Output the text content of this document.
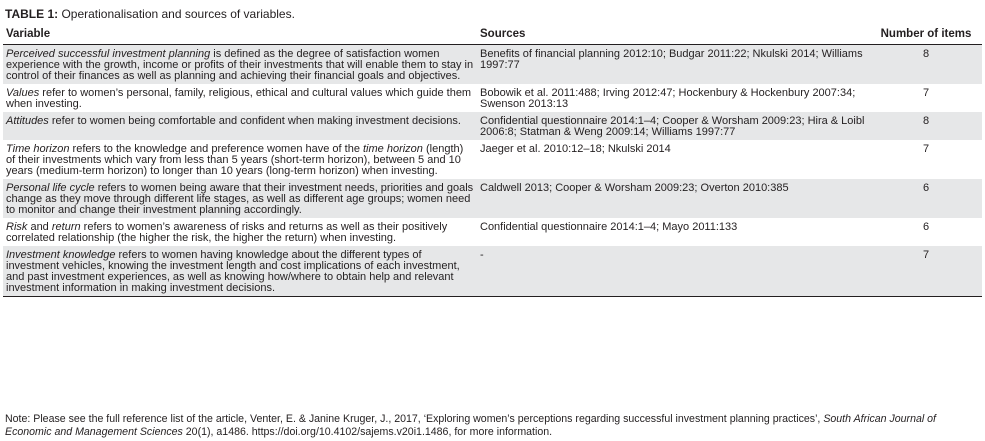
TABLE 1: Operationalisation and sources of variables.
Variable	Sources	Number of items
Perceived successful investment planning is defined as the degree of satisfaction women experience with the growth, income or profits of their investments that will enable them to stay in control of their finances as well as planning and achieving their financial goals and objectives.	Benefits of financial planning 2012:10; Budgar 2011:22; Nkulski 2014; Williams 1997:77	8
Values refer to women’s personal, family, religious, ethical and cultural values which guide them when investing.	Bobowik et al. 2011:488; Irving 2012:47; Hockenbury & Hockenbury 2007:34; Swenson 2013:13	7
Attitudes refer to women being comfortable and confident when making investment decisions.	Confidential questionnaire 2014:1–4; Cooper & Worsham 2009:23; Hira & Loibl 2006:8; Statman & Weng 2009:14; Williams 1997:77	8
Time horizon refers to the knowledge and preference women have of the time horizon (length) of their investments which vary from less than 5 years (short-term horizon), between 5 and 10 years (medium-term horizon) to longer than 10 years (long-term horizon) when investing.	Jaeger et al. 2010:12–18; Nkulski 2014	7
Personal life cycle refers to women being aware that their investment needs, priorities and goals change as they move through different life stages, as well as different age groups; women need to monitor and change their investment planning accordingly.	Caldwell 2013; Cooper & Worsham 2009:23; Overton 2010:385	6
Risk and return refers to women’s awareness of risks and returns as well as their positively correlated relationship (the higher the risk, the higher the return) when investing.	Confidential questionnaire 2014:1–4; Mayo 2011:133	6
Investment knowledge refers to women having knowledge about the different types of investment vehicles, knowing the investment length and cost implications of each investment, and past investment experiences, as well as knowing how/where to obtain help and relevant investment information in making investment decisions.	-	7
Note: Please see the full reference list of the article, Venter, E. & Janine Kruger, J., 2017, ‘Exploring women’s perceptions regarding successful investment planning practices’, South African Journal of Economic and Management Sciences 20(1), a1486. https://doi.org/10.4102/sajems.v20i1.1486, for more information.
